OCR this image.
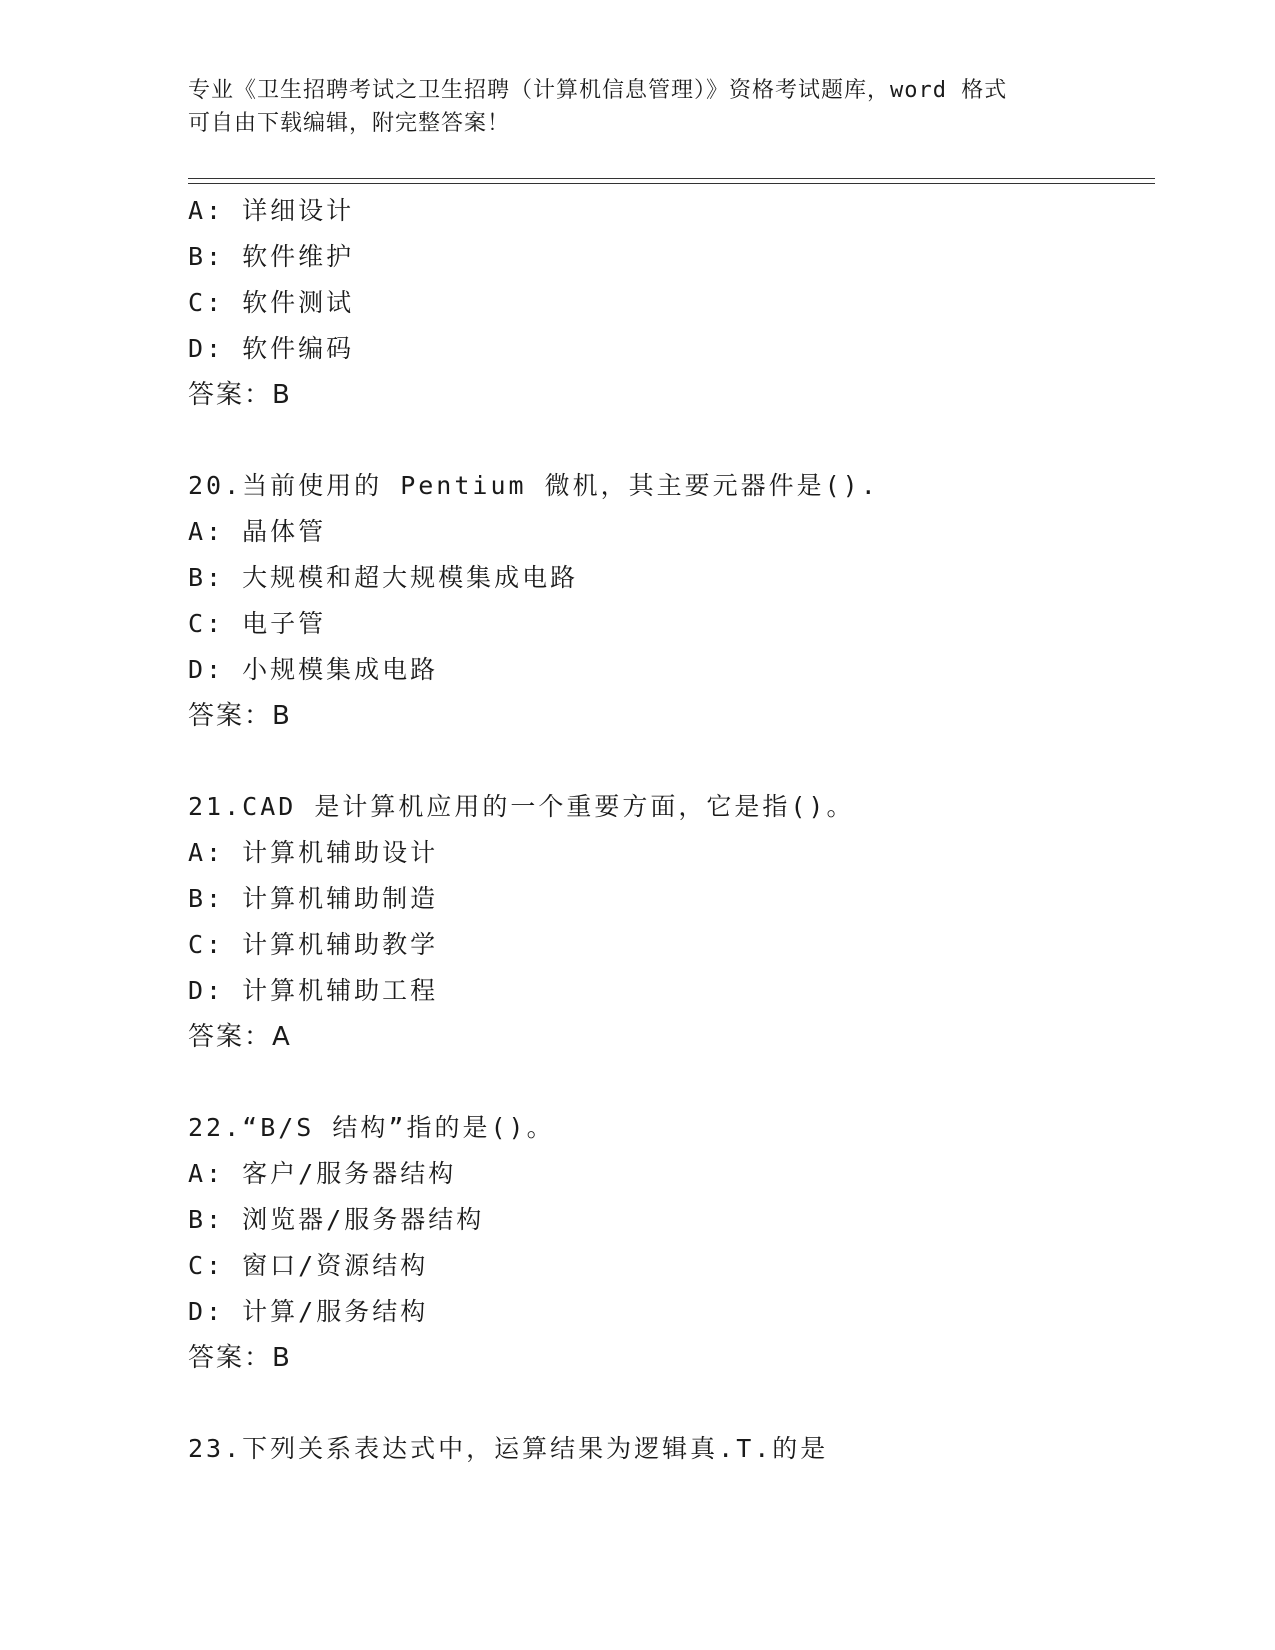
专业《卫生招聘考试之卫生招聘（计算机信息管理）》资格考试题库，word 格式
可自由下载编辑，附完整答案！
A: 详细设计
B: 软件维护
C: 软件测试
D: 软件编码
答案：B
20.当前使用的 Pentium 微机，其主要元器件是().
A: 晶体管
B: 大规模和超大规模集成电路
C: 电子管
D: 小规模集成电路
答案：B
21.CAD 是计算机应用的一个重要方面，它是指()。
A: 计算机辅助设计
B: 计算机辅助制造
C: 计算机辅助教学
D: 计算机辅助工程
答案：A
22.“B/S 结构”指的是()。
A: 客户/服务器结构
B: 浏览器/服务器结构
C: 窗口/资源结构
D: 计算/服务结构
答案：B
23.下列关系表达式中，运算结果为逻辑真.T.的是
